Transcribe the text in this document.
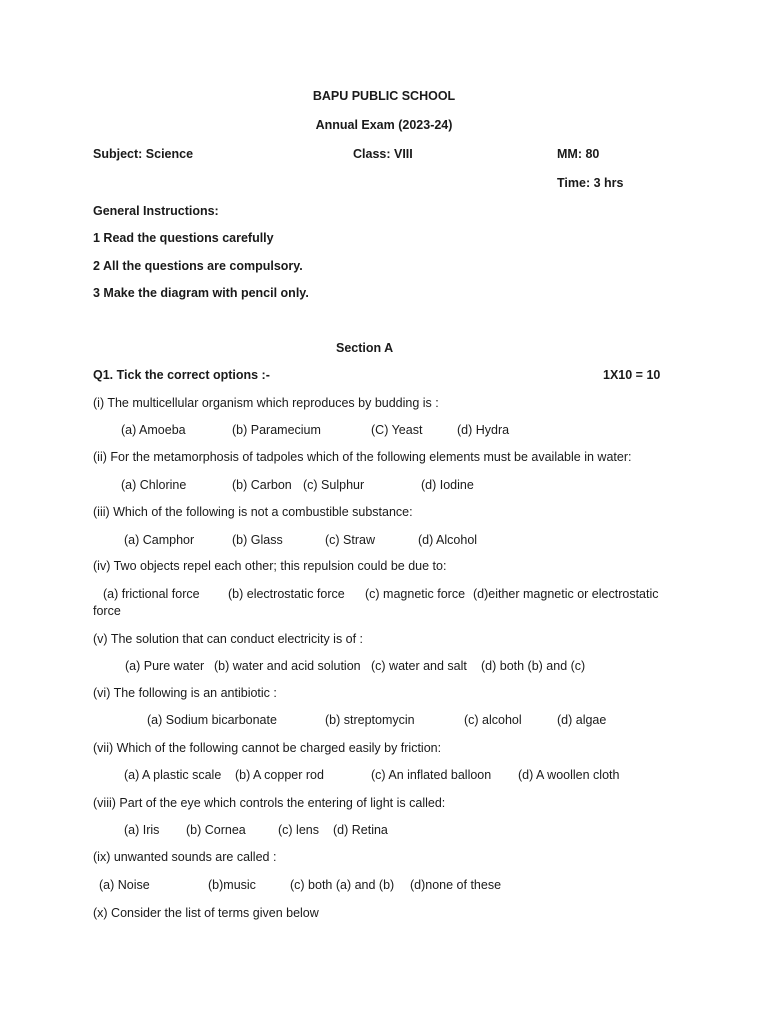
BAPU PUBLIC SCHOOL
Annual Exam (2023-24)
Subject: Science	Class: VIII	MM: 80
Time: 3 hrs
General Instructions:
1 Read the questions carefully
2 All the questions are compulsory.
3 Make the diagram with pencil only.
Section A
Q1. Tick the correct options :-	1X10 = 10
(i) The multicellular organism which reproduces by budding is :
(a) Amoeba	(b) Paramecium	(C) Yeast	(d) Hydra
(ii) For the metamorphosis of tadpoles which of the following elements must be available in water:
(a) Chlorine	(b) Carbon (c) Sulphur	(d) Iodine
(iii) Which of the following is not a combustible substance:
(a) Camphor	(b) Glass	(c) Straw	(d) Alcohol
(iv) Two objects repel each other; this repulsion could be due to:
(a) frictional force (b) electrostatic force (c) magnetic force (d)either magnetic or electrostatic
force
(v) The solution that can conduct electricity is of :
(a) Pure water (b) water and acid solution (c) water and salt (d) both (b) and (c)
(vi) The following is an antibiotic :
(a) Sodium bicarbonate	(b) streptomycin	(c) alcohol	(d) algae
(vii) Which of the following cannot be charged easily by friction:
(a) A plastic scale (b) A copper rod	(c) An inflated balloon (d) A woollen cloth
(viii) Part of the eye which controls the entering of light is called:
(a) Iris (b) Cornea	(c) lens (d) Retina
(ix) unwanted sounds are called :
(a) Noise	(b)music	(c) both (a) and (b) (d)none of these
(x) Consider the list of terms given below
